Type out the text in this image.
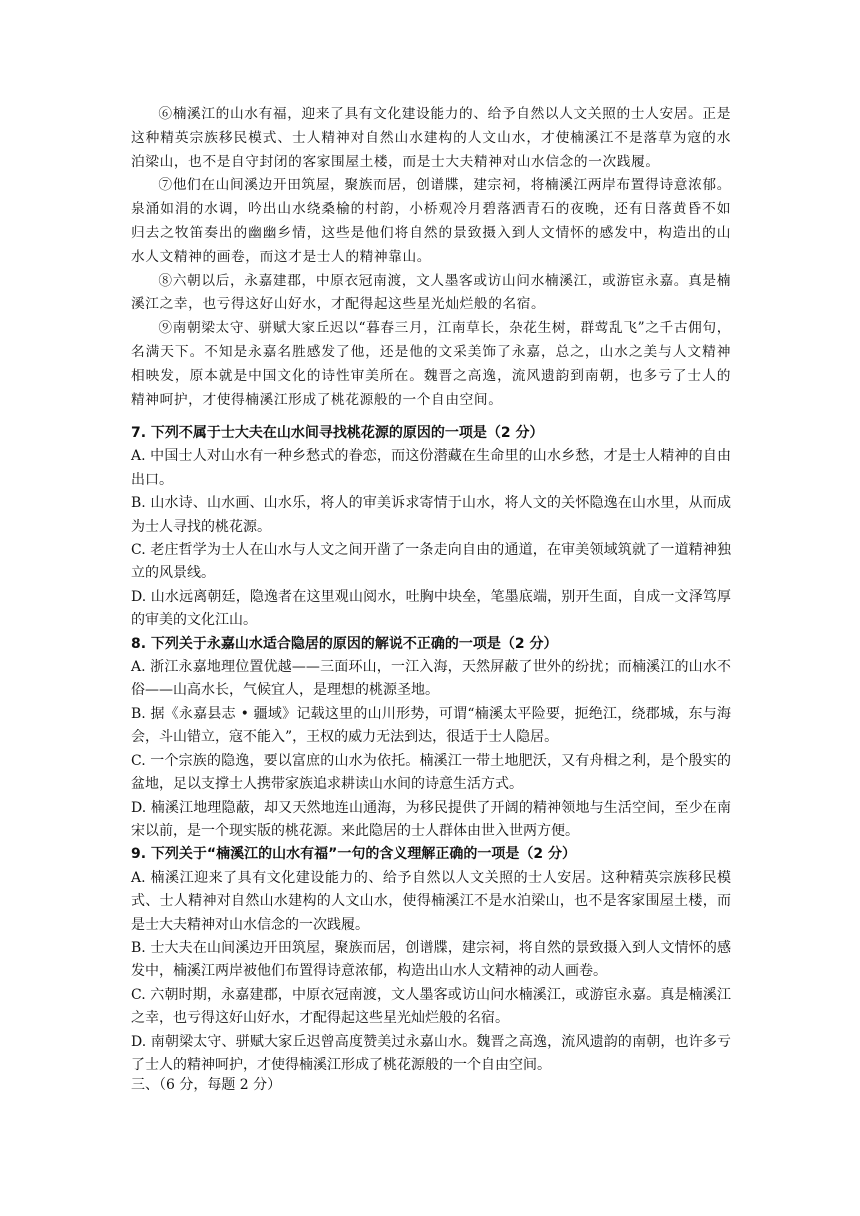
⑥楠溪江的山水有福，迎来了具有文化建设能力的、给予自然以人文关照的士人安居。正是这种精英宗族移民模式、士人精神对自然山水建构的人文山水，才使楠溪江不是落草为寇的水泊梁山，也不是自守封闭的客家围屋土楼，而是士大夫精神对山水信念的一次践履。

⑦他们在山间溪边开田筑屋，聚族而居，创谱牒，建宗祠，将楠溪江两岸布置得诗意浓郁。泉涌如涓的水调，吟出山水绕桑榆的村韵，小桥观冷月碧落洒青石的夜晚，还有日落黄昏不如归去之牧笛奏出的幽幽乡情，这些是他们将自然的景致摄入到人文情怀的感发中，构造出的山水人文精神的画卷，而这才是士人的精神靠山。

⑧六朝以后，永嘉建郡，中原衣冠南渡，文人墨客或访山问水楠溪江，或游宦永嘉。真是楠溪江之幸，也亏得这好山好水，才配得起这些星光灿烂般的名宿。

⑨南朝梁太守、骈赋大家丘迟以“暮春三月，江南草长，杂花生树，群莺乱飞”之千古佣句，名满天下。不知是永嘉名胜感发了他，还是他的文采美饰了永嘉，总之，山水之美与人文精神相映发，原本就是中国文化的诗性审美所在。魏晋之高逸，流风遗韵到南朝，也多亏了士人的精神呵护，才使得楠溪江形成了桃花源般的一个自由空间。

7. 下列不属于士大夫在山水间寻找桃花源的原因的一项是（2 分）

A. 中国士人对山水有一种乡愁式的眷恋，而这份潜藏在生命里的山水乡愁，才是士人精神的自由出口。

B. 山水诗、山水画、山水乐，将人的审美诉求寄情于山水，将人文的关怀隐逸在山水里，从而成为士人寻找的桃花源。

C. 老庄哲学为士人在山水与人文之间开凿了一条走向自由的通道，在审美领域筑就了一道精神独立的风景线。

D. 山水远离朝廷，隐逸者在这里观山阅水，吐胸中块垒，笔墨底端，别开生面，自成一文泽笃厚的审美的文化江山。

8. 下列关于永嘉山水适合隐居的原因的解说不正确的一项是（2 分）

A. 浙江永嘉地理位置优越——三面环山，一江入海，天然屏蔽了世外的纷扰；而楠溪江的山水不俗——山高水长，气候宜人，是理想的桃源圣地。

B. 据《永嘉县志 • 疆域》记载这里的山川形势，可谓“楠溪太平险要，扼绝江，绕郡城，东与海会，斗山错立，寇不能入”，王权的威力无法到达，很适于士人隐居。

C. 一个宗族的隐逸，要以富庶的山水为依托。楠溪江一带土地肥沃，又有舟楫之利，是个殷实的盆地，足以支撑士人携带家族追求耕读山水间的诗意生活方式。

D. 楠溪江地理隐蔽，却又天然地连山通海，为移民提供了开阔的精神领地与生活空间，至少在南宋以前，是一个现实版的桃花源。来此隐居的士人群体由世入世两方便。

9. 下列关于“楠溪江的山水有福”一句的含义理解正确的一项是（2 分）

A. 楠溪江迎来了具有文化建设能力的、给予自然以人文关照的士人安居。这种精英宗族移民模式、士人精神对自然山水建构的人文山水，使得楠溪江不是水泊梁山，也不是客家围屋土楼，而是士大夫精神对山水信念的一次践履。

B. 士大夫在山间溪边开田筑屋，聚族而居，创谱牒，建宗祠，将自然的景致摄入到人文情怀的感发中，楠溪江两岸被他们布置得诗意浓郁，构造出山水人文精神的动人画卷。

C. 六朝时期，永嘉建郡，中原衣冠南渡，文人墨客或访山问水楠溪江，或游宦永嘉。真是楠溪江之幸，也亏得这好山好水，才配得起这些星光灿烂般的名宿。

D. 南朝梁太守、骈赋大家丘迟曾高度赞美过永嘉山水。魏晋之高逸，流风遗韵的南朝，也许多亏了士人的精神呵护，才使得楠溪江形成了桃花源般的一个自由空间。

三、（6 分，每题 2 分）
